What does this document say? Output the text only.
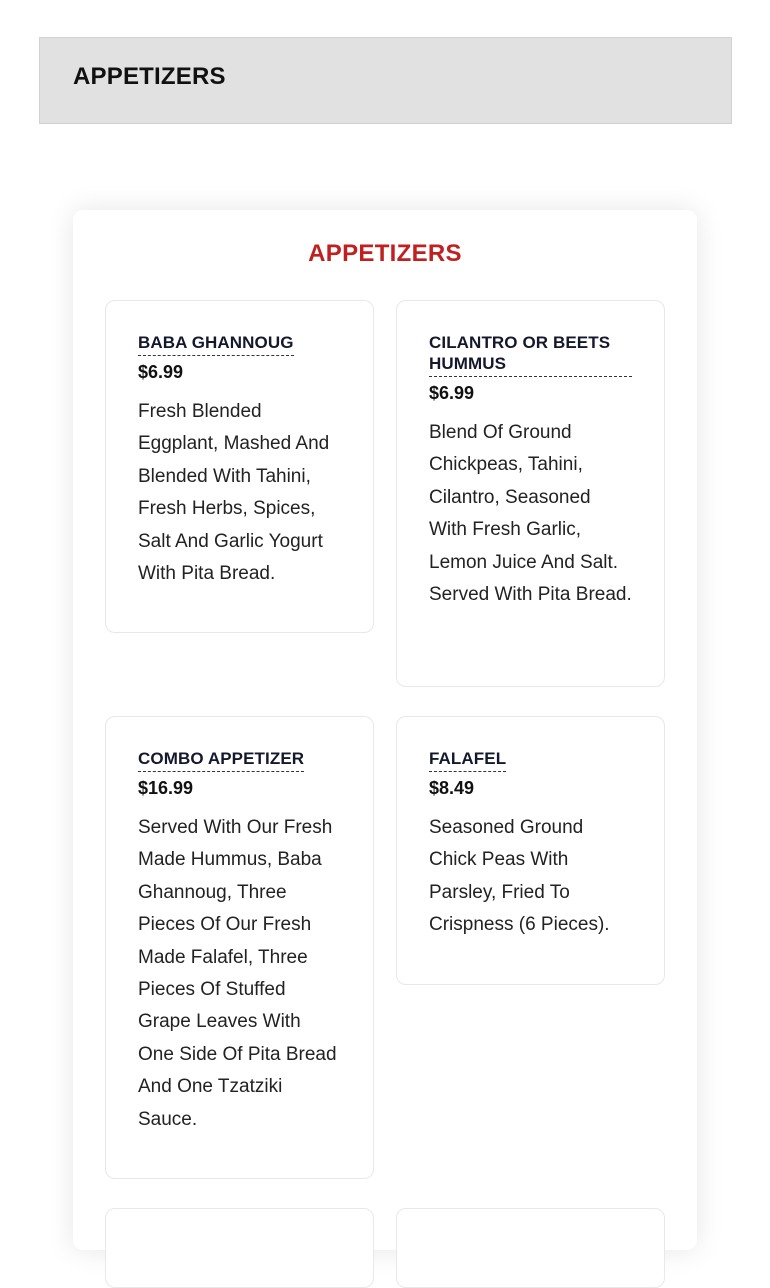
APPETIZERS
APPETIZERS
BABA GHANNOUG
$6.99

Fresh Blended Eggplant, Mashed And Blended With Tahini, Fresh Herbs, Spices, Salt And Garlic Yogurt With Pita Bread.

CILANTRO OR BEETS HUMMUS
$6.99

Blend Of Ground Chickpeas, Tahini, Cilantro, Seasoned With Fresh Garlic, Lemon Juice And Salt. Served With Pita Bread.

COMBO APPETIZER
$16.99

Served With Our Fresh Made Hummus, Baba Ghannoug, Three Pieces Of Our Fresh Made Falafel, Three Pieces Of Stuffed Grape Leaves With One Side Of Pita Bread And One Tzatziki Sauce.

FALAFEL
$8.49

Seasoned Ground Chick Peas With Parsley, Fried To Crispness (6 Pieces).
